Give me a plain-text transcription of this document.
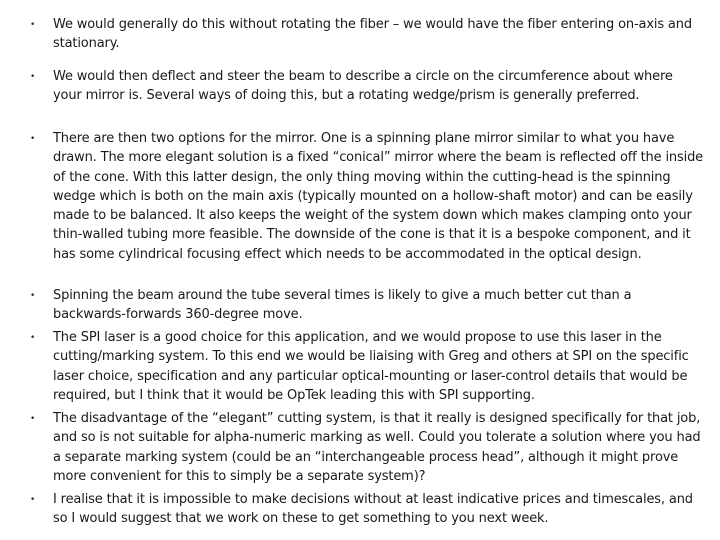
• We would generally do this without rotating the fiber – we would have the fiber entering on-axis and stationary.
• We would then deflect and steer the beam to describe a circle on the circumference about where your mirror is. Several ways of doing this, but a rotating wedge/prism is generally preferred.
• There are then two options for the mirror. One is a spinning plane mirror similar to what you have drawn. The more elegant solution is a fixed “conical” mirror where the beam is reflected off the inside of the cone. With this latter design, the only thing moving within the cutting-head is the spinning wedge which is both on the main axis (typically mounted on a hollow-shaft motor) and can be easily made to be balanced. It also keeps the weight of the system down which makes clamping onto your thin-walled tubing more feasible. The downside of the cone is that it is a bespoke component, and it has some cylindrical focusing effect which needs to be accommodated in the optical design.
• Spinning the beam around the tube several times is likely to give a much better cut than a backwards-forwards 360-degree move.
• The SPI laser is a good choice for this application, and we would propose to use this laser in the cutting/marking system. To this end we would be liaising with Greg and others at SPI on the specific laser choice, specification and any particular optical-mounting or laser-control details that would be required, but I think that it would be OpTek leading this with SPI supporting.
• The disadvantage of the “elegant” cutting system, is that it really is designed specifically for that job, and so is not suitable for alpha-numeric marking as well. Could you tolerate a solution where you had a separate marking system (could be an “interchangeable process head”, although it might prove more convenient for this to simply be a separate system)?
• I realise that it is impossible to make decisions without at least indicative prices and timescales, and so I would suggest that we work on these to get something to you next week.
